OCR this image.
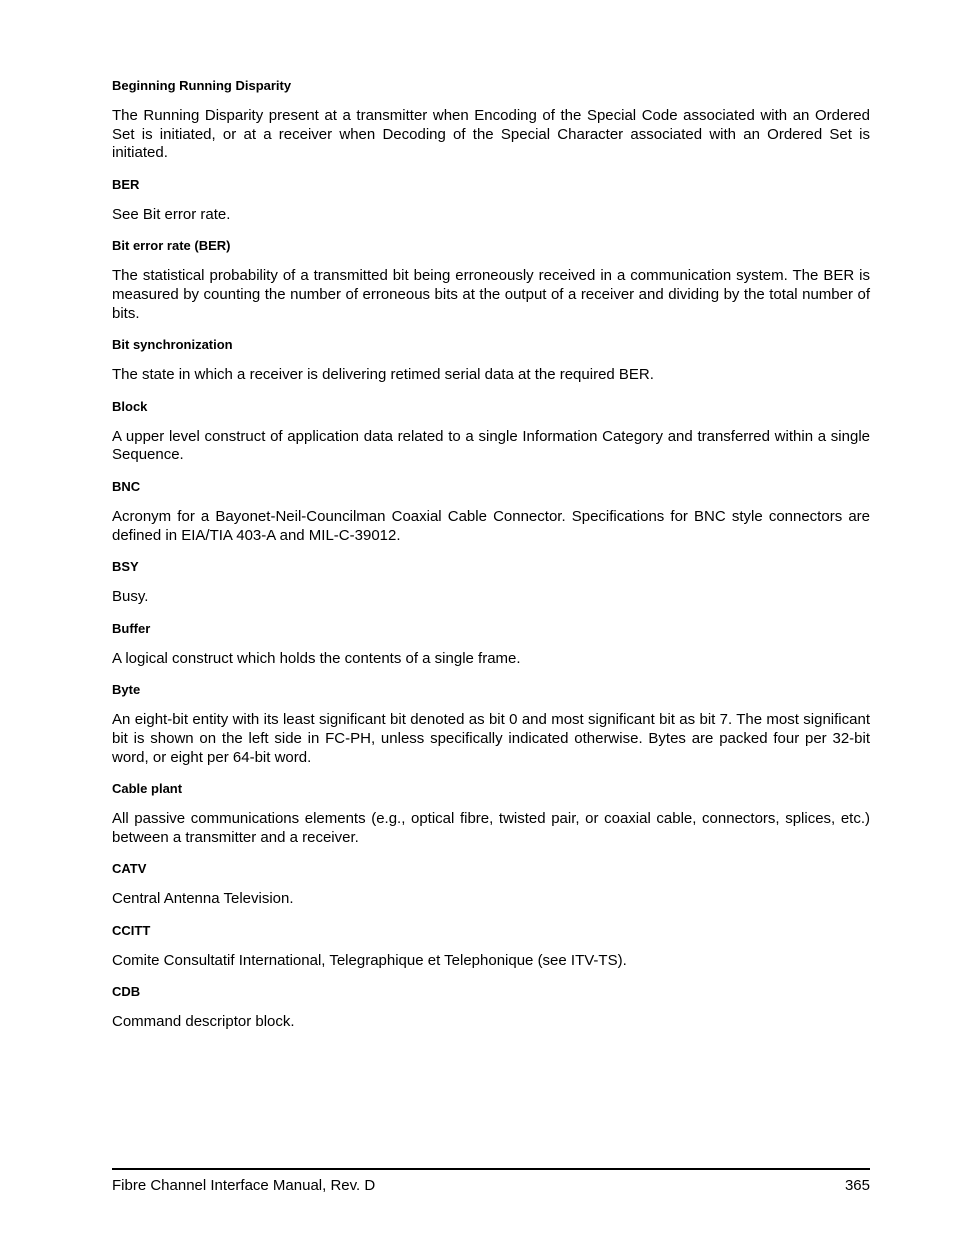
Beginning Running Disparity
The Running Disparity present at a transmitter when Encoding of the Special Code associated with an Ordered Set is initiated, or at a receiver when Decoding of the Special Character associated with an Ordered Set is initiated.
BER
See Bit error rate.
Bit error rate (BER)
The statistical probability of a transmitted bit being erroneously received in a communication system. The BER is measured by counting the number of erroneous bits at the output of a receiver and dividing by the total number of bits.
Bit synchronization
The state in which a receiver is delivering retimed serial data at the required BER.
Block
A upper level construct of application data related to a single Information Category and transferred within a single Sequence.
BNC
Acronym for a Bayonet-Neil-Councilman Coaxial Cable Connector. Specifications for BNC style connectors are defined in EIA/TIA 403-A and MIL-C-39012.
BSY
Busy.
Buffer
A logical construct which holds the contents of a single frame.
Byte
An eight-bit entity with its least significant bit denoted as bit 0 and most significant bit as bit 7. The most significant bit is shown on the left side in FC-PH, unless specifically indicated otherwise. Bytes are packed four per 32-bit word, or eight per 64-bit word.
Cable plant
All passive communications elements (e.g., optical fibre, twisted pair, or coaxial cable, connectors, splices, etc.) between a transmitter and a receiver.
CATV
Central Antenna Television.
CCITT
Comite Consultatif International, Telegraphique et Telephonique (see ITV-TS).
CDB
Command descriptor block.
Fibre Channel Interface Manual, Rev. D	365
